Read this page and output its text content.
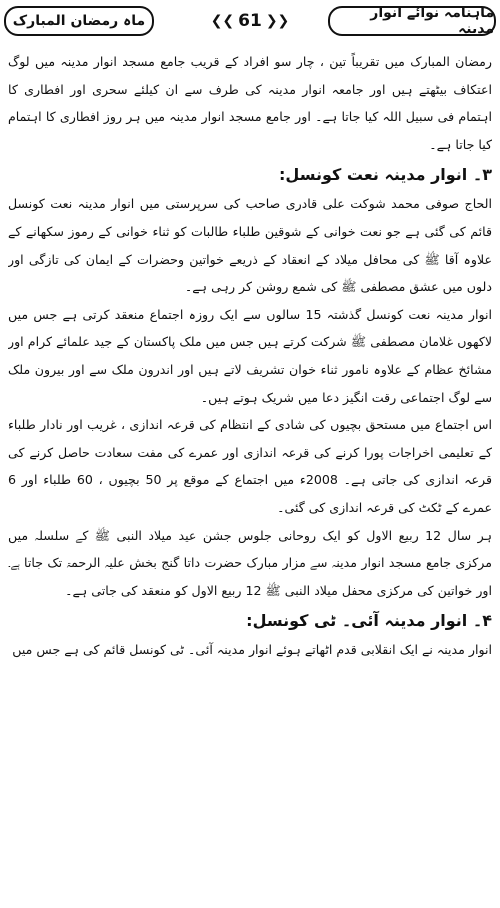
ماہنامہ نوائے انوار مدینہ
❮❮ 61 ❯❯
ماہ رمضان المبارک

رمضان المبارک میں تقریباً تین ، چار سو افراد کے قریب جامع مسجد انوار مدینہ میں لوگ اعتکاف بیٹھتے ہیں اور جامعہ انوار مدینہ کی طرف سے ان کیلئے سحری اور افطاری کا اہتمام فی سبیل اللہ کیا جاتا ہے۔ اور جامع مسجد انوار مدینہ میں ہر روز افطاری کا اہتمام کیا جاتا ہے۔

۳۔ انوار مدینہ نعت کونسل:

الحاج صوفی محمد شوکت علی قادری صاحب کی سرپرستی میں انوار مدینہ نعت کونسل قائم کی گئی ہے جو نعت خوانی کے شوقین طلباء طالبات کو ثناء خوانی کے رموز سکھانے کے علاوہ آقا ﷺ کی محافل میلاد کے انعقاد کے ذریعے خواتین وحضرات کے ایمان کی تازگی اور دلوں میں عشق مصطفی ﷺ کی شمع روشن کر رہی ہے۔

انوار مدینہ نعت کونسل گذشتہ 15 سالوں سے ایک روزہ اجتماع منعقد کرتی ہے جس میں لاکھوں غلامان مصطفی ﷺ شرکت کرتے ہیں جس میں ملک پاکستان کے جید علمائے کرام اور مشائخ عظام کے علاوہ نامور ثناء خوان تشریف لاتے ہیں اور اندرون ملک سے اور بیرون ملک سے لوگ اجتماعی رقت انگیز دعا میں شریک ہوتے ہیں۔

اس اجتماع میں مستحق بچیوں کی شادی کے انتظام کی قرعہ اندازی ، غریب اور نادار طلباء کے تعلیمی اخراجات پورا کرنے کی قرعہ اندازی اور عمرے کی مفت سعادت حاصل کرنے کی قرعہ اندازی کی جاتی ہے۔ 2008ء میں اجتماع کے موقع پر 50 بچیوں ، 60 طلباء اور 6 عمرے کے ٹکٹ کی قرعہ اندازی کی گئی۔

ہر سال 12 ربیع الاول کو ایک روحانی جلوس جشن عید میلاد النبی ﷺ کے سلسلہ میں مرکزی جامع مسجد انوار مدینہ سے مزار مبارک حضرت داتا گنج بخش علیہ الرحمۃ تک جاتا ہے۔ اور خواتین کی مرکزی محفل میلاد النبی ﷺ 12 ربیع الاول کو منعقد کی جاتی ہے۔

۴۔ انوار مدینہ آئی۔ ٹی کونسل:

انوار مدینہ نے ایک انقلابی قدم اٹھاتے ہوئے انوار مدینہ آئی۔ ٹی کونسل قائم کی ہے جس میں
